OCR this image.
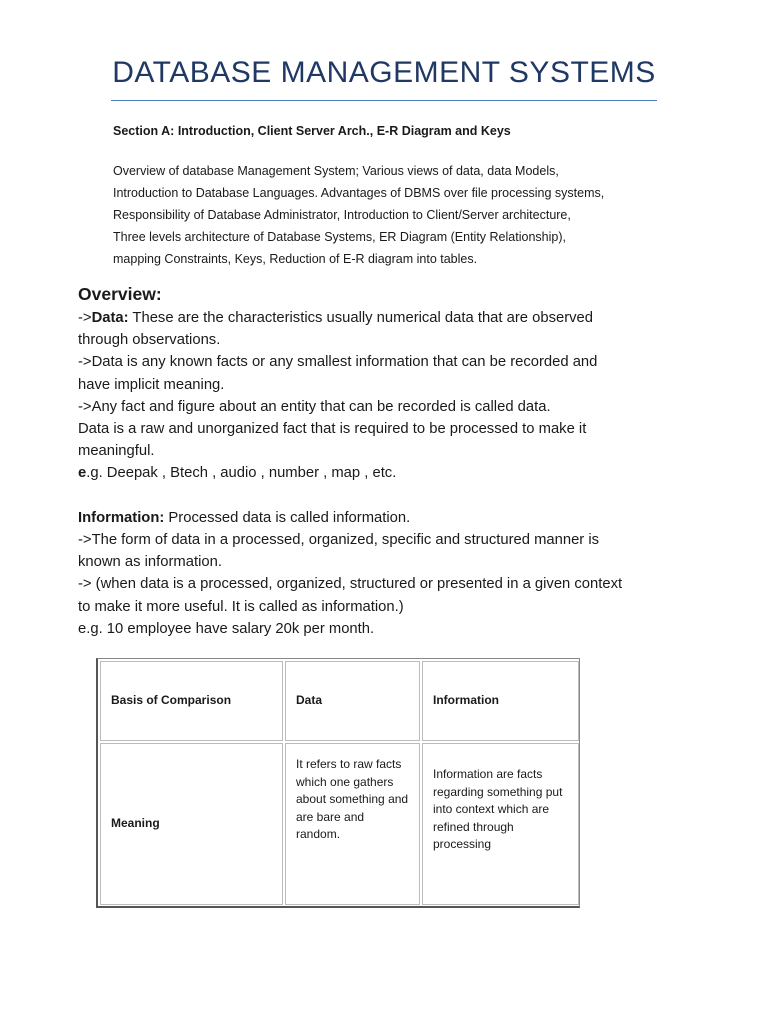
DATABASE MANAGEMENT SYSTEMS

Section A: Introduction, Client Server Arch., E-R Diagram and Keys

Overview of database Management System; Various views of data, data Models,
Introduction to Database Languages. Advantages of DBMS over file processing systems,
Responsibility of Database Administrator, Introduction to Client/Server architecture,
Three levels architecture of Database Systems, ER Diagram (Entity Relationship),
mapping Constraints, Keys, Reduction of E-R diagram into tables.
Overview:
->Data: These are the characteristics usually numerical data that are observed
through observations.
->Data is any known facts or any smallest information that can be recorded and
have implicit meaning.
->Any fact and figure about an entity that can be recorded is called data.
Data is a raw and unorganized fact that is required to be processed to make it
meaningful.
e.g. Deepak , Btech , audio , number , map , etc.
Information: Processed data is called information.
->The form of data in a processed, organized, specific and structured manner is
known as information.
-> (when data is a processed, organized, structured or presented in a given context
to make it more useful. It is called as information.)
e.g. 10 employee have salary 20k per month.
Basis of Comparison	Data	Information
Meaning
It refers to raw facts which one gathers about something and are bare and random.
Information are facts regarding something put into context which are refined through processing
